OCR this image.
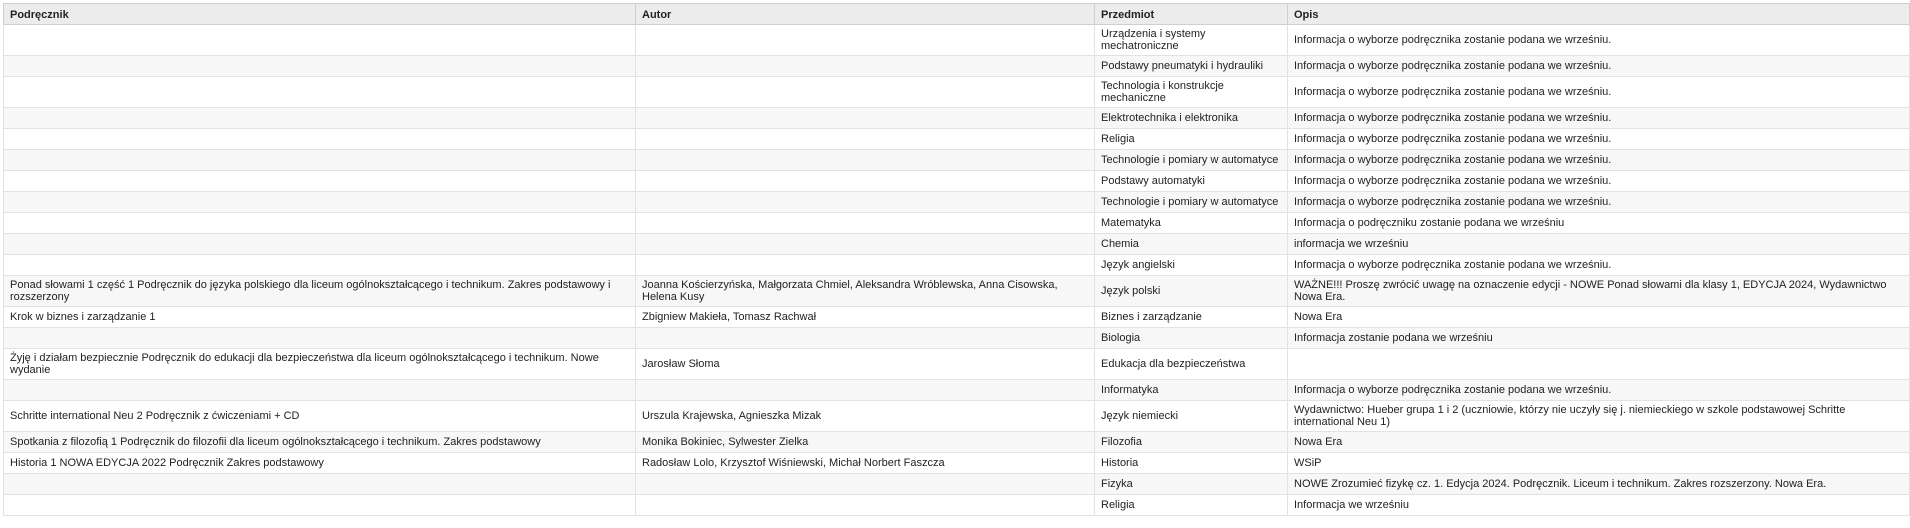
Podręcznik	Autor	Przedmiot	Opis
		Urządzenia i systemy mechatroniczne	Informacja o wyborze podręcznika zostanie podana we wrześniu.
		Podstawy pneumatyki i hydrauliki	Informacja o wyborze podręcznika zostanie podana we wrześniu.
		Technologia i konstrukcje mechaniczne	Informacja o wyborze podręcznika zostanie podana we wrześniu.
		Elektrotechnika i elektronika	Informacja o wyborze podręcznika zostanie podana we wrześniu.
		Religia	Informacja o wyborze podręcznika zostanie podana we wrześniu.
		Technologie i pomiary w automatyce	Informacja o wyborze podręcznika zostanie podana we wrześniu.
		Podstawy automatyki	Informacja o wyborze podręcznika zostanie podana we wrześniu.
		Technologie i pomiary w automatyce	Informacja o wyborze podręcznika zostanie podana we wrześniu.
		Matematyka	Informacja o podręczniku zostanie podana we wrześniu
		Chemia	informacja we wrześniu
		Język angielski	Informacja o wyborze podręcznika zostanie podana we wrześniu.
Ponad słowami 1 część 1 Podręcznik do języka polskiego dla liceum ogólnokształcącego i technikum. Zakres podstawowy i rozszerzony	Joanna Kościerzyńska, Małgorzata Chmiel, Aleksandra Wróblewska, Anna Cisowska, Helena Kusy	Język polski	WAŻNE!!! Proszę zwrócić uwagę na oznaczenie edycji - NOWE Ponad słowami dla klasy 1, EDYCJA 2024, Wydawnictwo Nowa Era.
Krok w biznes i zarządzanie 1	Zbigniew Makieła, Tomasz Rachwał	Biznes i zarządzanie	Nowa Era
		Biologia	Informacja zostanie podana we wrześniu
Żyję i działam bezpiecznie Podręcznik do edukacji dla bezpieczeństwa dla liceum ogólnokształcącego i technikum. Nowe wydanie	Jarosław Słoma	Edukacja dla bezpieczeństwa	
		Informatyka	Informacja o wyborze podręcznika zostanie podana we wrześniu.
Schritte international Neu 2 Podręcznik z ćwiczeniami + CD	Urszula Krajewska, Agnieszka Mizak	Język niemiecki	Wydawnictwo: Hueber grupa 1 i 2 (uczniowie, którzy nie uczyły się j. niemieckiego w szkole podstawowej Schritte international Neu 1)
Spotkania z filozofią 1 Podręcznik do filozofii dla liceum ogólnokształcącego i technikum. Zakres podstawowy	Monika Bokiniec, Sylwester Zielka	Filozofia	Nowa Era
Historia 1 NOWA EDYCJA 2022 Podręcznik Zakres podstawowy	Radosław Lolo, Krzysztof Wiśniewski, Michał Norbert Faszcza	Historia	WSiP
		Fizyka	NOWE Zrozumieć fizykę cz. 1. Edycja 2024. Podręcznik. Liceum i technikum. Zakres rozszerzony. Nowa Era.
		Religia	Informacja we wrześniu
